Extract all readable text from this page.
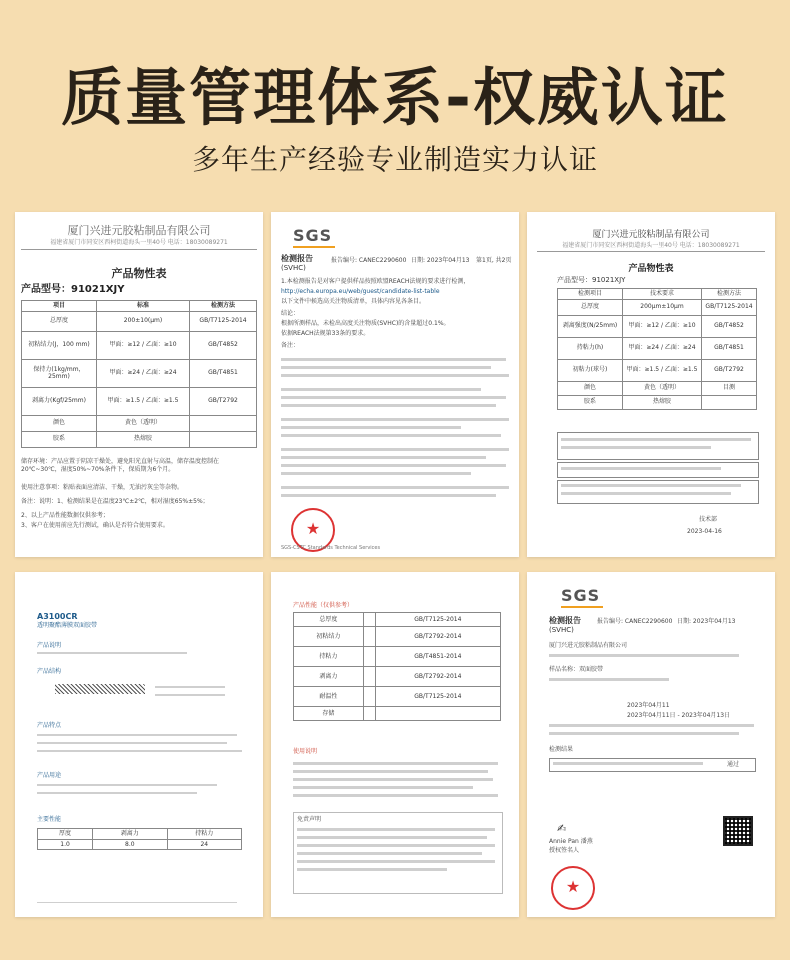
质量管理体系-权威认证
多年生产经验专业制造实力认证
厦门兴进元胶粘制品有限公司
福建省厦门市同安区西柯街道海头一里40号 电话：18030089271
产品物性表
产品型号：91021XJY
项目	标准	检测方法
总厚度	200±10(μm)	GB/T7125-2014
初粘结力(J，100 mm)	甲面：≥12 / 乙面：≥10	GB/T4852
保持力(1kg/mm，25mm)	甲面：≥24 / 乙面：≥24	GB/T4851
剥离力(Kgf/25mm)	甲面：≥1.5 / 乙面：≥1.5	GB/T2792
颜色	黄色（透明）	
胶系	热熔胶	
储存环境：产品应置于阴凉干燥处，避免阳光直射与高温，储存温度控制在20℃~30℃，湿度50%~70%条件下，保质期为6个月。
使用注意事项：粘贴表面应清洁、干燥，无油污灰尘等杂物。
备注：说明：1、检测结果是在温度23℃±2℃，相对湿度65%±5%；
2、以上产品性能数据仅供参考；
3、客户在使用前应先行测试，确认是否符合使用要求。
SGS
检测报告
(SVHC)
报告编号: CANEC2290600 日期: 2023年04月13 第1页, 共2页
1.本检测报告是对客户提供样品按照欧盟REACH法规的要求进行检测，
http://echa.europa.eu/web/guest/candidate-list-table
以下文件中候选高关注物质清单，具体内容见各条目。
结论：
根据所测样品，未检出高度关注物质(SVHC)的含量超过0.1%。
依据REACH法规第33条的要求。
备注：
★
SGS-CSTC Standards Technical Services
厦门兴进元胶粘制品有限公司
福建省厦门市同安区西柯街道海头一里40号 电话：18030089271
产品物性表
产品型号：91021XJY
检测项目	技术要求	检测方法
总厚度	200μm±10μm	GB/T7125-2014
剥离强度(N/25mm)	甲面：≥12 / 乙面：≥10	GB/T4852
持粘力(h)	甲面：≥24 / 乙面：≥24	GB/T4851
初粘力(球号)	甲面：≥1.5 / 乙面：≥1.5	GB/T2792
颜色	黄色（透明）	目测
胶系	热熔胶	
技术部
2023-04-16
A3100CR
透明聚酯薄膜双面胶带
产品说明
产品结构
产品特点
产品用途
主要性能
厚度	剥离力	持粘力
1.0	8.0	24
产品性能（仅供参考）
总厚度		GB/T7125-2014
初粘结力		GB/T2792-2014
持粘力		GB/T4851-2014
剥离力		GB/T2792-2014
耐温性		GB/T7125-2014
存储		
使用说明
免责声明
SGS
检测报告
(SVHC)
报告编号: CANEC2290600 日期: 2023年04月13
厦门兴进元胶粘制品有限公司
样品名称：双面胶带
2023年04月11
2023年04月11日 - 2023年04月13日
检测结果
通过
✍
Annie Pan 潘燕
授权签名人
★
